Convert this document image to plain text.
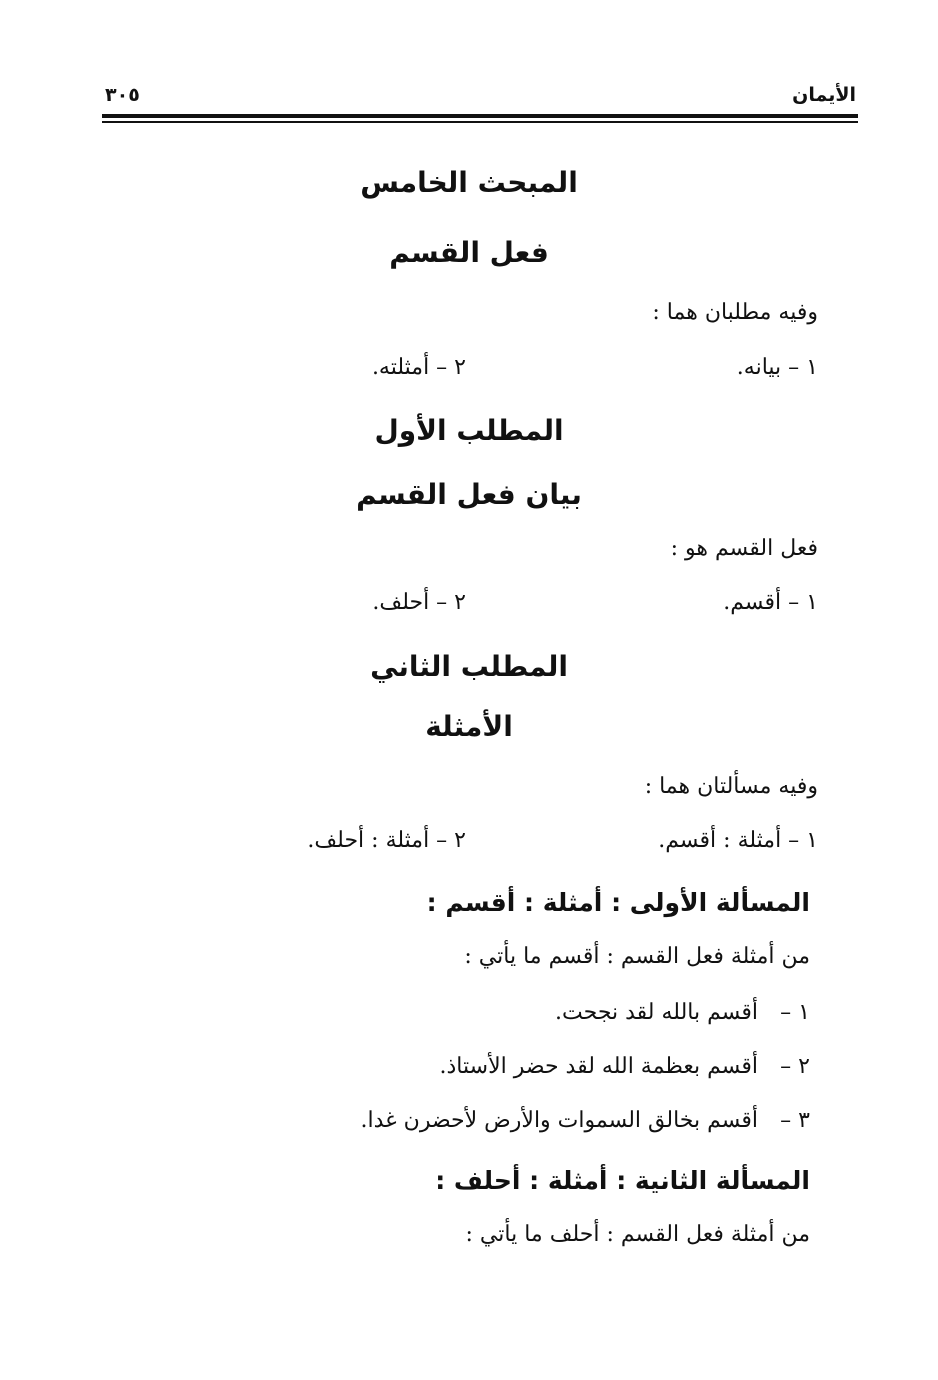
الأيمان
٣٠٥
المبحث الخامس
فعل القسم
وفيه مطلبان هما :
١ – بيانه.
٢ – أمثلته.
المطلب الأول
بيان فعل القسم
فعل القسم هو :
١ – أقسم.
٢ – أحلف.
المطلب الثاني
الأمثلة
وفيه مسألتان هما :
١ – أمثلة : أقسم.
٢ – أمثلة : أحلف.
المسألة الأولى : أمثلة : أقسم :
من أمثلة فعل القسم : أقسم ما يأتي :
١ –
أقسم بالله لقد نجحت.
٢ –
أقسم بعظمة الله لقد حضر الأستاذ.
٣ –
أقسم بخالق السموات والأرض لأحضرن غدا.
المسألة الثانية : أمثلة : أحلف :
من أمثلة فعل القسم : أحلف ما يأتي :
